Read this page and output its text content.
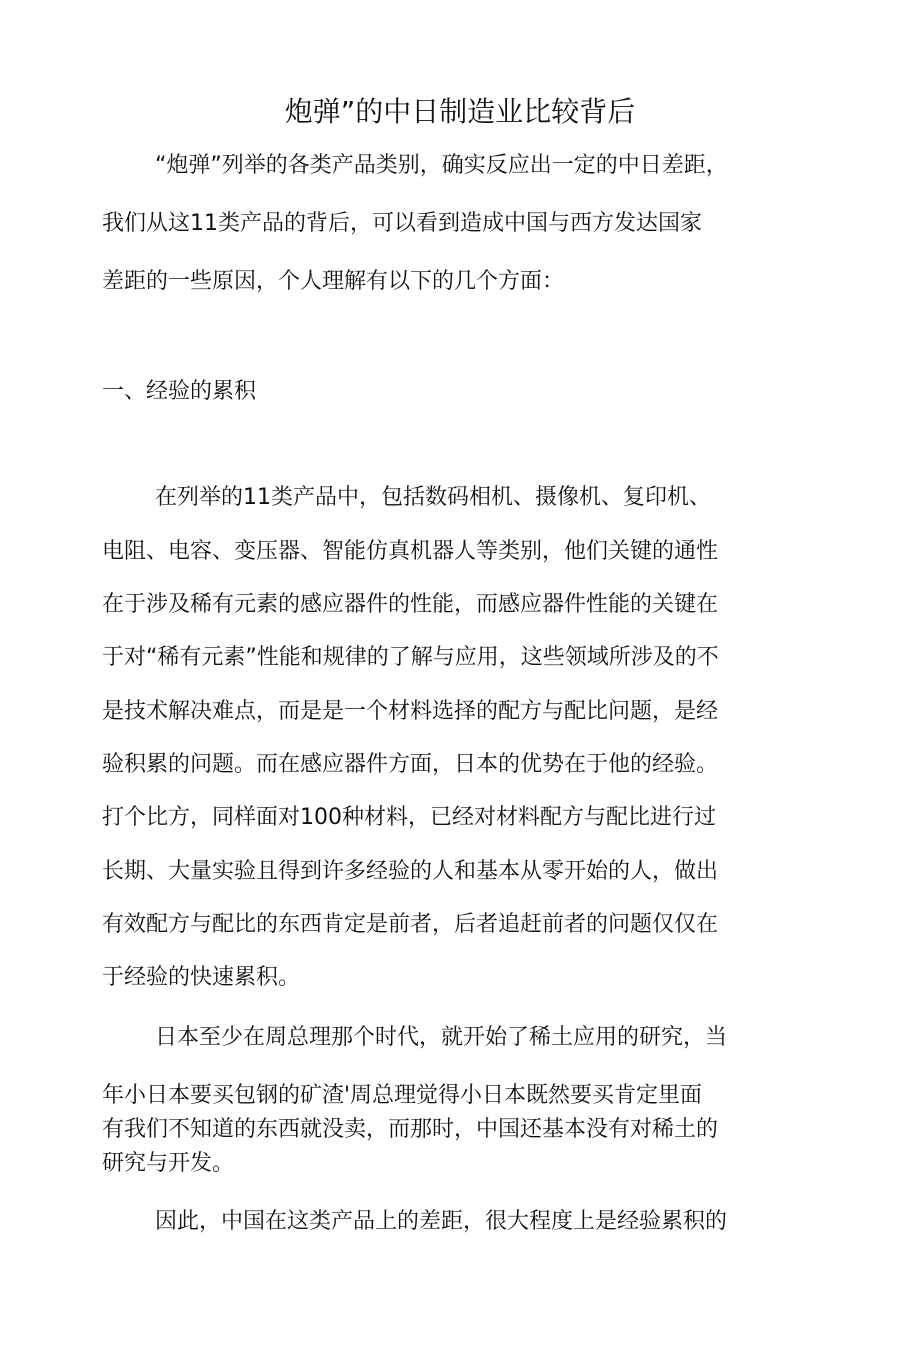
炮弹”的中日制造业比较背后
“炮弹”列举的各类产品类别，确实反应出一定的中日差距，
我们从这11类产品的背后，可以看到造成中国与西方发达国家
差距的一些原因，个人理解有以下的几个方面：
一、经验的累积
在列举的11类产品中，包括数码相机、摄像机、复印机、
电阻、电容、变压器、智能仿真机器人等类别，他们关键的通性
在于涉及稀有元素的感应器件的性能，而感应器件性能的关键在
于对“稀有元素”性能和规律的了解与应用，这些领域所涉及的不
是技术解决难点，而是是一个材料选择的配方与配比问题，是经
验积累的问题。而在感应器件方面，日本的优势在于他的经验。
打个比方，同样面对100种材料，已经对材料配方与配比进行过
长期、大量实验且得到许多经验的人和基本从零开始的人，做出
有效配方与配比的东西肯定是前者，后者追赶前者的问题仅仅在
于经验的快速累积。
日本至少在周总理那个时代，就开始了稀土应用的研究，当
年小日本要买包钢的矿渣'周总理觉得小日本既然要买肯定里面
有我们不知道的东西就没卖，而那时，中国还基本没有对稀土的
研究与开发。
因此，中国在这类产品上的差距，很大程度上是经验累积的
